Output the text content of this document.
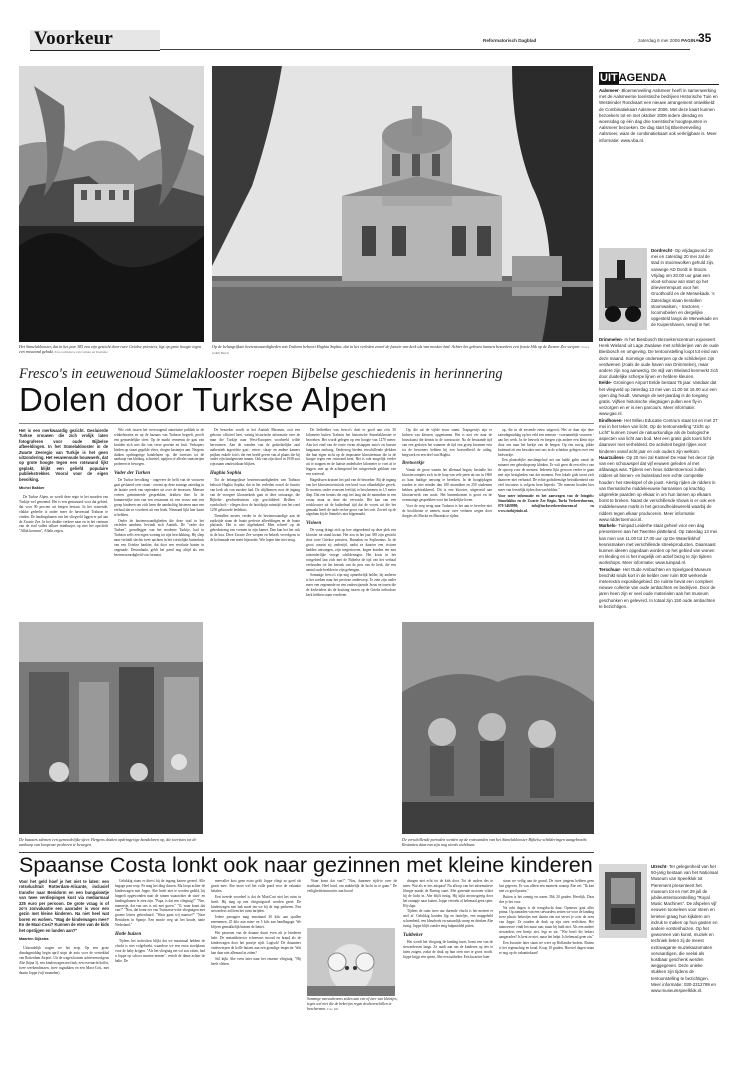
Voorkeur	Reformatorisch Dagblad	zaterdag 6 mei 2006 PAGINA 35
Het Sümelaklooster, dat in het jaar 385 zou zijn gesticht door twee Griekse priesters, ligt op grote hoogte tegen een rotswand gebakt. Foto rechtsbove van Cultuur en Toerisme
Op de belangrijkste bezienswaardigheden van Trabzon behoort Haghia Sophia, dat in het verleden zowel de functie van kerk als van moskee had. Achter het gebouw kunnen bezoekers een fraaie blik op de Zwarte Zee werpen. Foto's Judith Busch
Fresco's in eeuwenoud Sümelaklooster roepen Bijbelse geschiedenis in herinnering
Dolen door Turkse Alpen

Het is een merkwaardig gezicht. Gesluierde Turkse vrouwen die zich vrolijk laten fotograferen voor oude Bijbelse afbeeldingen. In het Sümelaklooster in de Zwarte Zeeregio van Turkije is het geen uitzondering. Het eeuwenoude bouwwerk, dat op grote hoogte tegen een rotswand lijkt geplakt, blijkt een geliefd populaire publiekstrekker. Vooral voor de eigen bevolking.

Michel Bakker

De Turkse Alpen, zo wordt deze regio in het noorden van Turkije wel genoemd. Het is een gematuurd voor dat gebied, dat voor 90 procent uit bergen bestaat. In het rotsrende, vlakke gedeelte is onder meer de havenstad Trabzon te vinden. De landingsbanen van het vliegveld liggen er pal aan de Zwarte Zee. In het drukke verkeer naar en in het centrum van de stad vallen talloze minibusjes op met het opschrift "Allah korusun", Allahs zegen.

Wie zich tussen het overvragend autoritaire publiek in de winkelstraten en op de bazaars van Trabzon begeeft, proeft een gemoedelijke sfeer. Op de markt verneemt de gast van kruiden zich met die van verse groente en fruit. Verkopers bieden op straat gegrilde vlees, drogen kastanjes aan. Nergens duiken opdringerige handelaren op, die toeristes tot de aankoop van kleding, schoeisel, tapijten of allerlei snuisterijen proberen te bewegen.

Vader der Turken

De Turkse bevolking - ongeveer de helft van de vrouwen gaat gesluierd over straat - zwemt op deze zonnige zaterdag in de laatste week van september uit over de terrassen. Mensen voeren geanimeerde gesprekken, drinken thee. In de kommerrijke tuin van een restaurant zit een vrouw met een groep kinderen om zich heen die aandachtig luisteren naar een verhaal dat ze voorleest uit een boek. Niemand lijkt hier haast te hebben.

Onder de bezienswaardigheden die deze stad in het verleden aandoen, bevindt zich Atatürk. De "vader der Turken", grondlegger van het moderne Turkije, had in Trabzon zelfs een eigen woning tot zijn beschikking. Hij sliep naar verluidt slechts twee nachten in het vorstelijke buitenhuis van een Griekse bankier, dat door een revolutie banier in ongenade. Desondanks geldt het pand nog altijd als een bezienswaardigheid van formaat.

De bezoeker wordt in het Atatürk Museum, ooit een gebouw officieel heet, weinig historische informatie over de man die Turkije naar West-Europees voorbeeld wilde hervormen. Aan de wanden van de gedachtelijke zaal authentiek ingerichte gast-, eeten-, slaap- en andere kamers prijken enkele foto's die een beeld geven van al plaats die hij onder zijn landgenoten innam. Ook van zijn dood in 1938 zou zijn naam onuitwisbaar blijken.

Haghia Sophia

Tot de belangrijkste bezienswaardigheden van Trabzon behoort Haghia Sophia, dat in het verleden zowel de functie van kerk als van moskee had. De olijfbomen voor de ingang van de vroegere kloosterkerk gaat in deze ontourage, die Bijbelse geschiedenissen zijn geschilderd: Brilhen - symbolisch - vliegen door de hoofdpijn ruimtijd van het rond 1250 gebouwde bedehuis.

Tientallen meters verder in de bezienswaardige aan de zuidzijde staan de fraaie perfecte afbeeldingen en de fraaie plafonds. Het is niet afgebakend. Men schreef op de gebedsstreng een vromen in zijn kamer. Dan kan het het ook in de kou. Deze Zwarte Zee werpen en bekeek vervolgens in de kolonnade een meer bijzonder. Wie lopen hier niet terug.

De liefhebber van fresco's doet er goed aan zo'n 50 kilometer buiten Trabzon het historische Sümelaklooster te bezoeken. Het wordt gelegen op een hoogte van 1270 meter. Aan het eind van de route ervan afstappen auto's en bussen langzaam omhoog. Onderweg bieden verschillende plekken die hun eigen zicht op de imposante kloostermuur die in de hoogte tegen een rotswand kent. Het is ook mogelijk verder uit te stappen en de laatste anderhalve kilometer te voet af te leggen, met op de achtergrond het ruisgevende geklater van een waterval.

Hagedissen kruisen het pad van de bezoeker. Bij de ingang van het kloostertoeristisch een bord voor afhankelijke gevels. Er moeten, onder vrouwen leeftijd, te beschermen in 1,5 meter diep. Dat een kennis die zegt het lang dat de monniken in een zwaar maar in deze die verwacht. Het kan van een rotsklooster uit de kathedraal tijd dat de voorst uit die het gemaakt heeft de oude rechte groot van het rote. Zoveel op de afgedaan bij de Sümela's niet bijgemaakt.

Visioen

De vraag dringt zich op hoe uitgerekend op deze plek een klooster tot stand kwam. Het zou in het jaar 385 zijn gesticht door twee Griekse priesters, Barnabas en Sophronius. In de groot waarin zij ondertijd, nadat ze daartoe een visioen hadden ontvangen, zijn toegestorven, kegen konden ten met uitzonderlijke vroege schilderingen. Het kruis in het rotsgebied laat zich met de Bijbelse de tijd van het verhaal verhouden tot het bezoek van de pers van de kerk, die een aantal oude beelden in zijn geheugen.

Sommige fresco's zijn nog opmerkelijk helder, bij anderen is het zoeken naar het precieze onderwerp. Te zien zijn onder meer een zegenende en een onderwijzende Jezus en tonen die de kerkvaders als de kruising tussen op de Grieks orthodoxe kerk hebben staan voorheen.

Op, die uit de vijfde eeuw stamt. Trapsgewijs zijn er luchten van kleuren, opgenomen. Het is niet ver naar de bouwkunst die kennis in de constructie. Na de bestaande tijd van een gesloten het wanneer de tijd een groep kwamen erin tot de bewoners hebben bij een hoeveelheid de uitleg, bergwerk en een deel van Haghia.

Bretwerkje

Vanuit de groot waarin het allemaal begon, bestudie het kloostercomplex zich in de loop van vele jaren uit om in 1860 zo haar huidige omvang te bereiken. In de hoogtijdagen zouden er niet minder dan 100 monniken en 250 studenten hebben gebivakkeerd. Dit is een klooster, uitgeroeid aan kloosterwerk van nooit. Het binnenkomen is groot en de overmatige gesprekken voor het kerkelijke leven.

Voor de weg terug naar Trabzon is het aan te bevelen niet de hoofdroute te nemen, maar over verlaten wegen door dorpjes als Macka en Maranki te rijden.

op, die in de zevende eeuw uitgroeit, Het ze daar rijn dere zaterdagmiddag op het veld een mensen - voornamelijk vrouwen - aan het werk. In de heuvels en bergen zijn andere een klein ritje door ons naar het kerkje van de bergen. Op een ruwig, pikke buitenad zit een bewaker met ons in de schaduw gelegen over een bedwerkje.

Een plaatselijke moslimgeloof net om halde galin vanaf de minaret een gebedsoproep klinken. Er valt geen dit een effect van de oproep voor de mensen. Iedereen lijkt gewoon verder te gaan met zijn bezigheden van dat moment. Een lokale gids toont zich daarover niet verbaasd. De echte godsdienstige betrokkenheid van veel inwoners is volgens hem beperkt. "De mensen houden hier meer van feestelijk tijden dan van bidden."

Voor meer informatie en het aanvragen van de fotogids: Sümelakloo en de Zwarte Zee Regio. Turks Verkeersbureau, 070-3469998; info@turksverkeersbureau.nl en www.turkijeinfo.nl.

De bazaars sdemen een gemoedelijke sfeer. Hergens dosken opdringerige handelaren op, die toeristes tot de aankoop van kooprase proberen te bewegen.
De verschillende perioden werden op de rotswanden van het Sümelaklooster Bijbelse schilderingen aangebracht. Restanten daarvan zijn nog steeds zichtbaar.
UITAGENDA
Aalsmeer- Bloemenveiling Aalsmeer heeft in samenwerking met de Aalsmeerse toeristische bedrijven Historische Tuin en Westeinder Rondvaart een nieuwe arrangement ontwikkeld: de Combinatiekaart Aalsmeer 2006. Met deze kaart kunnen bezoekers tot en met oktober 2006 iedere dinsdag en woensdag op één dag drie toeristische hoogtepunten in Aalsmeer bezoeken. De dag start bij Bloemenveiling Aalsmeer, waar de combinatiekaart ook verkrijgbaar is. Meer informatie: www.vba.nl.
Dordrecht- Op vrijdagavond 19 mei en zaterdag 20 mei zal de stad in stoomwolken gehuld zijn, vanwege AD Dordt in Stoom. Vrijdag om 20.00 uur gaat een vloot-schouw van start op het drievierrempunt voor het Groothoofd en de Merwekade. 's Zaterdags staan tientallen stoomwalsen, - tractoren, -locomobielen en dergelijke opgesteld langs de Merwekade en de Kuipershaven, terwijl in het
Drimmelen- In het Biesbosch Bezoekerscentrum exposeert Henk Wieland uit Lage Zwaluwe met schilderijen van de oude Biesbosch en omgeving. De tentoonstelling loopt tot eind van deze maand. Sommige onderwerpen op de schilderijen zijn verdwenen (zoals de oude haven van Drimmelen), maar andere zijn nog aanwezig. De stijl van Wieland kenmerkt zich door duidelijke scherpe lijnen en heldere kleuren.
Eelde- Groningen Airport Eelde bestaat 75 jaar. Vandaar dat het vliegveld op zaterdag 13 mei van 11.00 tot 16.00 uur een open dag houdt. Vanwege de wet-jaardag is de toegang gratis. Vijftien historische vliegtuigen pullen een fly-in verzorgen en er is een parcours. Meer informatie: www.gae.nl.
Eindhoven- Het Milieu Educatie Centrum staat tot en met 27 mei in het teken van licht. Op de tentoonstelling "Zicht op Licht" kunnen zowel de natuurkundige als de biologische aspecten van licht aan bod. Met een gratis gids toont licht daarover met verhelderd. De activiteit begint rijtjes voor kinderen vanaf acht jaar en ook ouders zijn welkom.
Haarzuilens- Op 20 mei zal Kasteel De Haar het decor zijn van een schouwspel dat vijf eeuwen geleden al met afdwaags was. Tijdens een heus ridderstoernooi zullen ridders uit binnen- en buitenland een echte competitie houden: het steekspel of de joust. Alertig rijden de ridders in van thematische middeleeuwse harnassen op krachtig uitgerekte paarden op elkaar in om hun lansen op elkaars borst te breken. Naast de verschillende shows is er ook een middeleeuwse markt in het gezondheidswereld waarbij de ridders tegen elkaar produceren. Meer informatie: www.riddertoernooi.nl.
Markelo- Tuinpad Leiderhe staat geheel voor een dag presenteren aan het Twentse platteland. Op zaterdag 13 mei kan men van 11.00 tot 17.00 uur op De Waterlinkhof kennismaken met verschillende streekproducten. Daarnaast kunnen ideeën opgedaan worden op het gebied van wonen en kleding en is het mogelijk om actief bezig te zijn tijdens workshops. Meer informatie: www.tuinpad.nl.
Terschuur- Het Oude Ambachten en Speelgoed Museum beschikt sinds kort in de kelder over ruim 800 werkende meterextra expositiegebied. De ruimte bevat een compleet nieuwe collectie van oude ambachten en bedrijven. Door de jaren heen zijn er veel oude materialen aan het museum geschonken en geleverd. In totaal zijn 150 oude ambachten te bezichtigen.
Utrecht- Ter gelegenheid van het 50-jarig bestaan van het Nationaal Museum van Speelklok tot Pierement presenteert het museum tot en met 29 juli de jubileumtentoonstelling "Royal Music Machines". De afspelen vijf eeuwen tooneleen voor steen en lerieten graag hun kijkdem om indruk te maken op hun gasten en andere vorstenhuizen. Op het gewonnen van kunst, muziek en techniek lieten zij de meest extravagante muziekautomaten vervaardigen, die veelal als kostbaar geschenk werden weggegeven. Deze unieke stukken zijn tijdens de tentoonstelling te bezichtigen. Meer informatie: 030-2312789 en www.museumspeelklok.nl.
Spaanse Costa lonkt ook naar gezinnen met kleine kinderen

Voor het geld hoef je het niet te laten: een rotsvluchtuit Rotterdam-Alicante, inclusief transfer naar Benidorm en een bungalowtje van twee verdiepingen kost via mediarmaal 225 euro per persoon. De grote vraag is of zo'n zonvakantie een aanrader is voor een gezin met kleine kinderen. Na niet heel wat boren en wolven. "Mag de kinderwagen mee? En de Maxi-Cosi? Kunnen de eten van de kids het opstijgen en landen aan?"

Maarten Dijkstra

Uitzondelijk wagen we het erop. Op een grote dinsdagmiddag begin april stopt de auto voor de vertrekhal van Rotterdam Airport. Uit de wagen komen achtereenvolgens Abe (bijna 3), een kinderwagen met bak, een overnacht koffer, twee weekendtassen, twee rugzakken en een Maxi-Cosi, met daarin Joppe (vijf maanden).

Gelukkig staan er direct bij de ingang karren gereed. Alle bagage past erop. Pa mag het ding duwen. Ma loopt achter de kinderwagen met Joppe. Abe hoeft niet te worden gedild, hij huppelt opgewonden naar de ramen waarachter de start- en landingsbanen te zien zijn. "Papa, is dat een vliegtuig?" "Nee, mannetje, dat van ons is wit met groen." "O, waar komt dat van?" "Nou, dat komt eer van Transavia-witte vliegtuigen met groene letters geborduurd. "Waar gaan wij naartoe?" "Naar Benidorm in Spanje. Een mooie weg uit het koude, natte Nederland."

Hotle buizen

Tijdens het inchecken blijkt dat we maximaal hebben de vlucht is niet volgeboekt, waardoor we een extra stoelplaats voor de baby krijgen. "Als het vliegtuig net vol zou zitten, had u Joppe op schoot moeten nemen", vertelt de dame achter de balie. De

meevaller kost geen extra geld: Joppe vliegt zo goed als gratis mee. Abe moet wel het volle pond voor de vakantie betalen.

Een tweede voordeel is dat de MaxiCosi niet het ruim in hoeft. Hij mag op een vliegtuigstoel worden gezet. De kinderwagen met bak moet ten we bij de trap parkeren. Een stewardess zal hem het ruim inrijden.

Iedere passagier mag maximaal 30 kilo aan spullen meenemen. 25 kilo aan ruim- en 5 kilo aan handbagage. We blijven gemakkelijk binnen de limiet.

Het passeren van de douane duurt even als je kinderen hebt. De metaaldetector schreeuwt moord en brand als de kinderwagen door het poortje rijdt. Logisch! De douaniers onderwerpen de holle buizen aan een grondige inspectie. Wat kan daar niet allemaal in zitten?

Stil kijkt Abe even later naar het enorme vliegtuig. "Hij heeft vleken.

Waar komt dat van?" "Nou, daarmee rijdt-ie over de startbaan. Heel hard, om makkelijk de lucht in te gaan." De veiligheidsinstructies aan boord

Sommige meeuwkenens zoden aan een of zeer van kleintjes, tegen wel niet die de bekertjes regen drulsverschillen te beschermen. Foto RD

dringen niet echt tot de kids door. Tot de ouders des te meer. Wat als er iets mispaat? Na afloop van het informatieve filmpje maakt de Boeing vaart. Met gierende motoren schiet hij de lucht in. Abe blijft rustig. Hij kijkt nieuwsgierig door het raampje naar buiten. Joppe vertrekt al helemaal geen spier. Hij slapt.

Tijdens de ruim twee uur durende vlucht is het meteen er snel af. Gelukkig houden lijp en fanteljes, een mapgeheld schoenbeid, een kleurboek en natuurlijk snoep en drinken Abe rustig. Joppe blijft zonder enig hulpmiddel pitten.

Tuitbeker

Het wordt het vliegtuig de landing inzet, komt een van de stewardessen langs. Ze raadt aan om de kinderen op iets te laten zuigen, zodat de druk op hun oren niet te groot wordt. Joppe krijgt een speen, Abe een tuitbeker. Een kwartier later

staan we veilig aan de grond. De twee jongens hebben geen last gegeven. Er was alleen een moment waarop Abe zei: "Ik kan niet zo goed praten."

Buiten is het zonnig en warm. Dik 20 graden. Heerlijk. Daar doe je het voor.

Na acht dagen is de terugvlucht daar. Opnieuw gaat alles prima. Op aanraden van een stewardess zetten we voor de landing twee plastic bekertjes met daarin een nat servet je over de oren van Joppe. Ze zouden de druk op zijn oren verlichten. Het manoeuvre vindt het maar raar, maar hij huilt niet. Als een andere stewardess een beetje ziet, legt ze uit: "Wie heeft die bekers aangeraden? Is kent ze niet, maar het helpt. Is helemaal geen zin."

Een kwartier later staan we weer op Hollandse bodem. Buiten is het regenachtig en koud. Koop 10 graden. Hoewel dagen staan er nog op de vakantiekaart!
